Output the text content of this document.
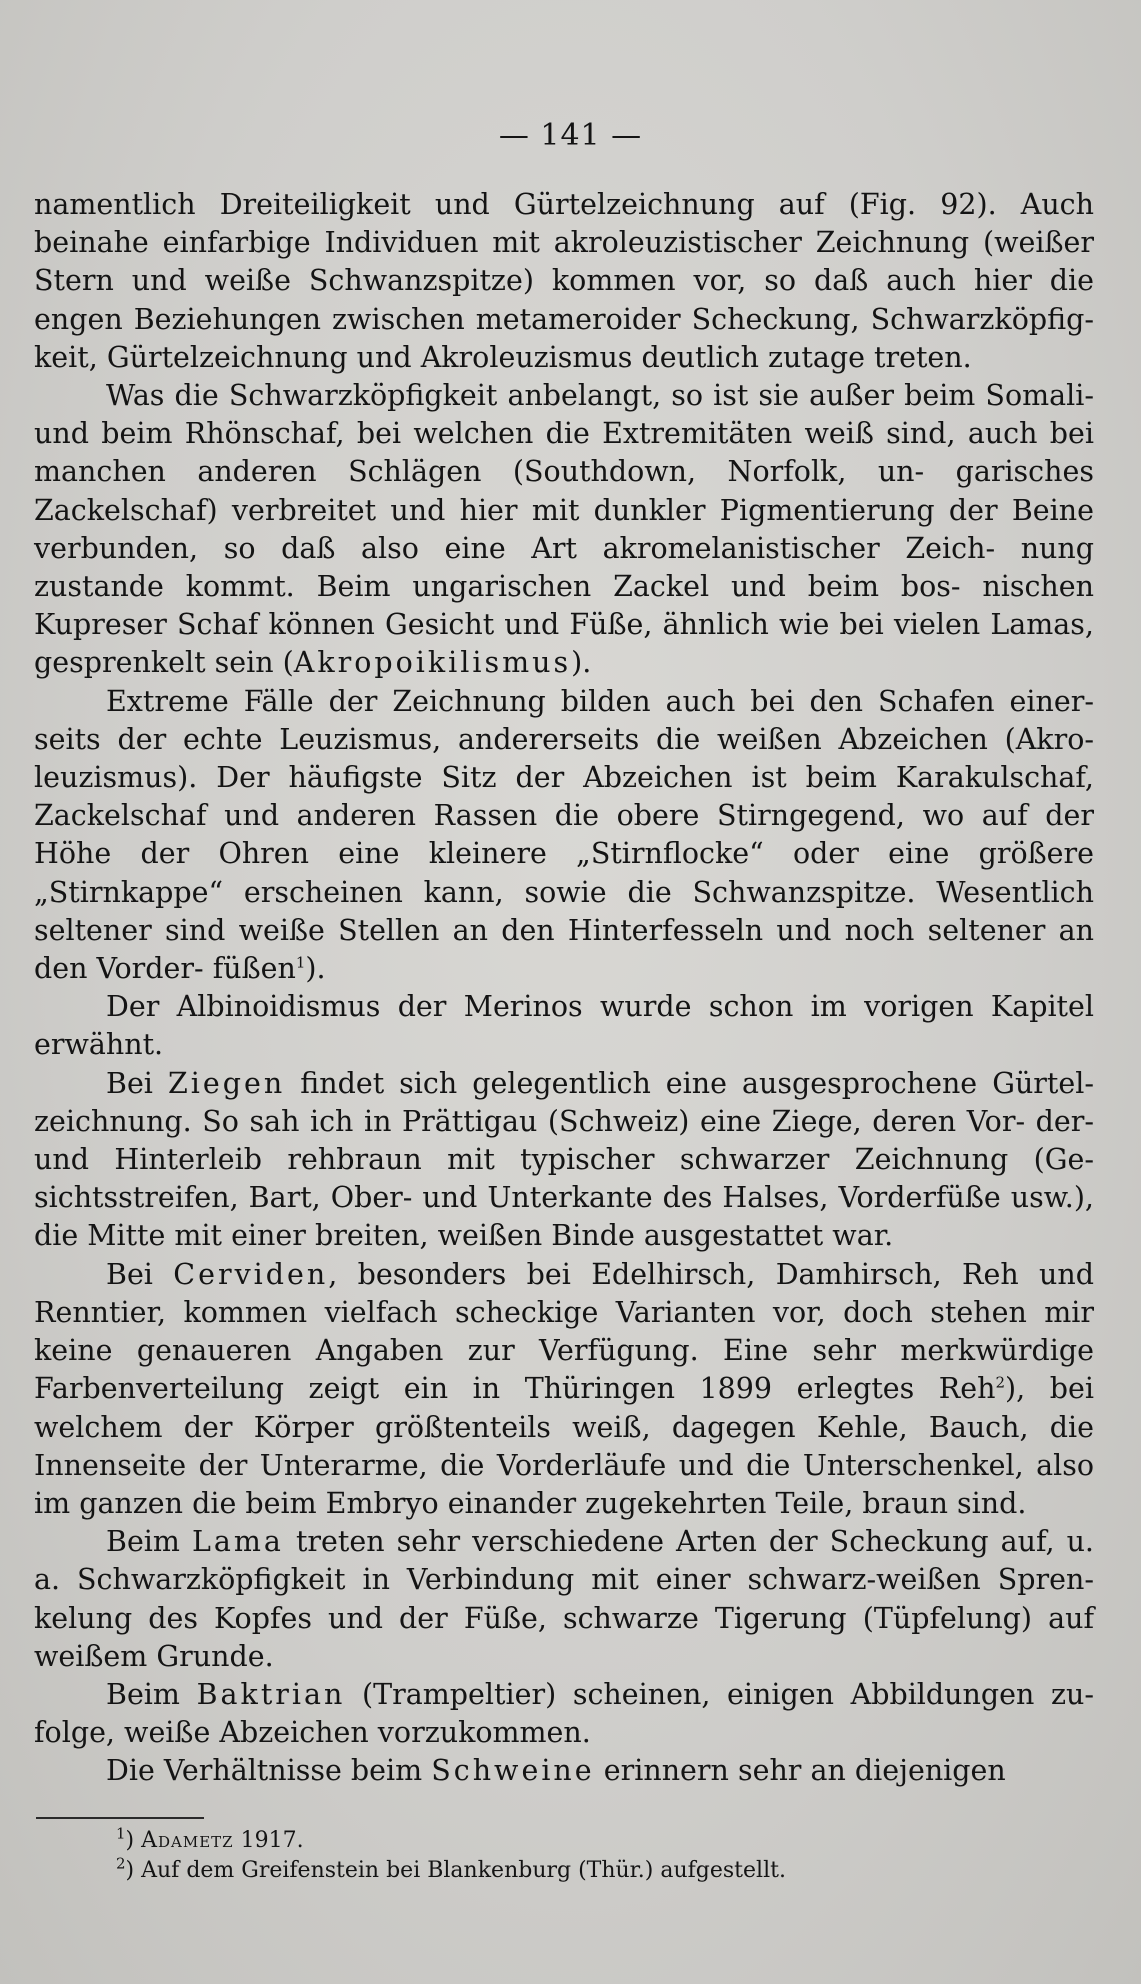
— 141 —

namentlich Dreiteiligkeit und Gürtelzeichnung auf (Fig. 92). Auch beinahe einfarbige Individuen mit akroleuzistischer Zeichnung (weißer Stern und weiße Schwanzspitze) kommen vor, so daß auch hier die engen Beziehungen zwischen metameroider Scheckung, Schwarzköpfig- keit, Gürtelzeichnung und Akroleuzismus deutlich zutage treten.

Was die Schwarzköpfigkeit anbelangt, so ist sie außer beim Somali- und beim Rhönschaf, bei welchen die Extremitäten weiß sind, auch bei manchen anderen Schlägen (Southdown, Norfolk, un- garisches Zackelschaf) verbreitet und hier mit dunkler Pigmentierung der Beine verbunden, so daß also eine Art akromelanistischer Zeich- nung zustande kommt. Beim ungarischen Zackel und beim bos- nischen Kupreser Schaf können Gesicht und Füße, ähnlich wie bei vielen Lamas, gesprenkelt sein (Akropoikilismus).

Extreme Fälle der Zeichnung bilden auch bei den Schafen einer- seits der echte Leuzismus, andererseits die weißen Abzeichen (Akro- leuzismus). Der häufigste Sitz der Abzeichen ist beim Karakulschaf, Zackelschaf und anderen Rassen die obere Stirngegend, wo auf der Höhe der Ohren eine kleinere „Stirnflocke“ oder eine größere „Stirnkappe“ erscheinen kann, sowie die Schwanzspitze. Wesentlich seltener sind weiße Stellen an den Hinterfesseln und noch seltener an den Vorder- füßen$^1$).

Der Albinoidismus der Merinos wurde schon im vorigen Kapitel erwähnt.

Bei Ziegen findet sich gelegentlich eine ausgesprochene Gürtel- zeichnung. So sah ich in Prättigau (Schweiz) eine Ziege, deren Vor- der- und Hinterleib rehbraun mit typischer schwarzer Zeichnung (Ge- sichtsstreifen, Bart, Ober- und Unterkante des Halses, Vorderfüße usw.), die Mitte mit einer breiten, weißen Binde ausgestattet war.

Bei Cerviden, besonders bei Edelhirsch, Damhirsch, Reh und Renntier, kommen vielfach scheckige Varianten vor, doch stehen mir keine genaueren Angaben zur Verfügung. Eine sehr merkwürdige Farbenverteilung zeigt ein in Thüringen 1899 erlegtes Reh$^2$), bei welchem der Körper größtenteils weiß, dagegen Kehle, Bauch, die Innenseite der Unterarme, die Vorderläufe und die Unterschenkel, also im ganzen die beim Embryo einander zugekehrten Teile, braun sind.

Beim Lama treten sehr verschiedene Arten der Scheckung auf, u. a. Schwarzköpfigkeit in Verbindung mit einer schwarz-weißen Spren- kelung des Kopfes und der Füße, schwarze Tigerung (Tüpfelung) auf weißem Grunde.

Beim Baktrian (Trampeltier) scheinen, einigen Abbildungen zu- folge, weiße Abzeichen vorzukommen.

Die Verhältnisse beim Schweine erinnern sehr an diejenigen

$^1$) Adametz 1917.

$^2$) Auf dem Greifenstein bei Blankenburg (Thür.) aufgestellt.
